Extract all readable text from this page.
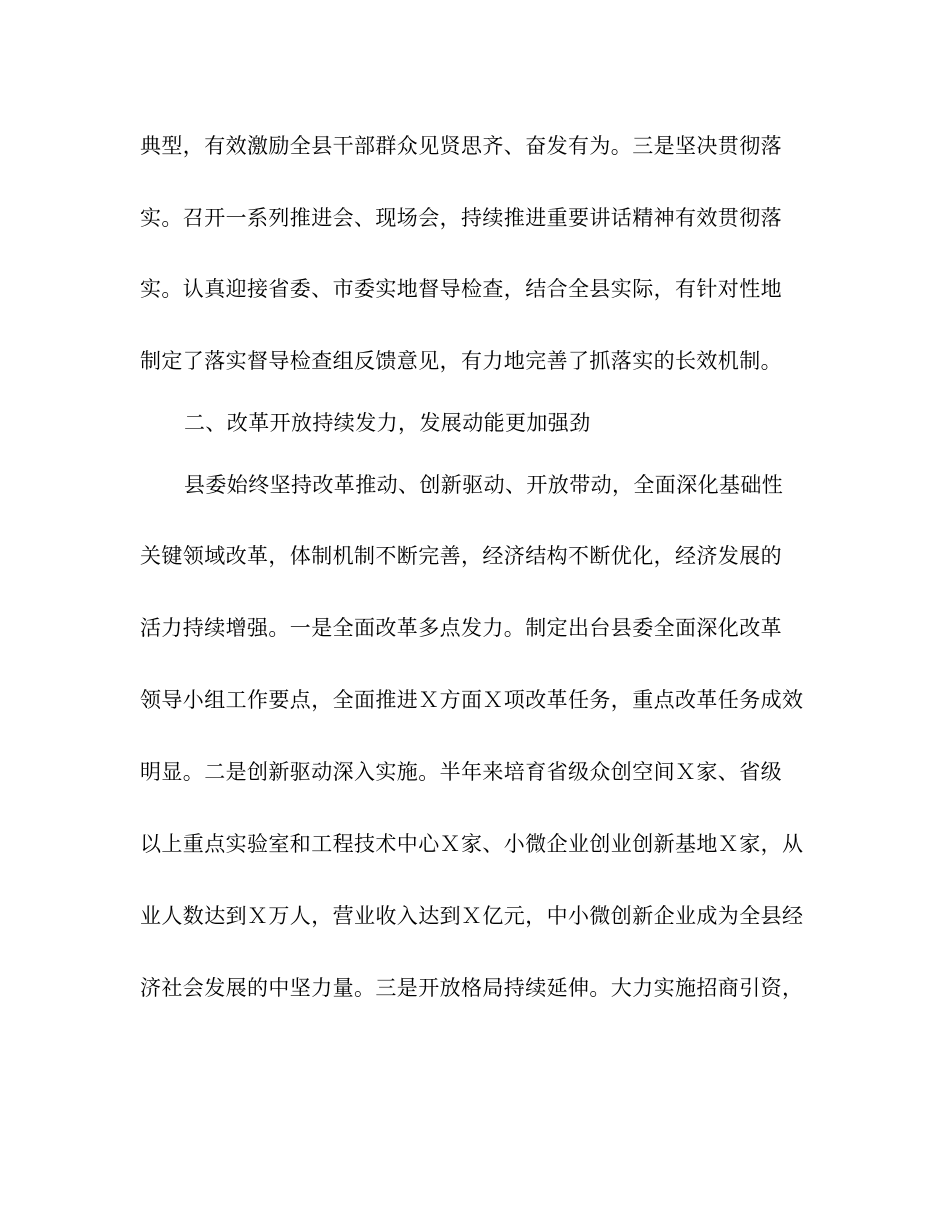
典型，有效激励全县干部群众见贤思齐、奋发有为。三是坚决贯彻落
实。召开一系列推进会、现场会，持续推进重要讲话精神有效贯彻落
实。认真迎接省委、市委实地督导检查，结合全县实际，有针对性地
制定了落实督导检查组反馈意见，有力地完善了抓落实的长效机制。
二、改革开放持续发力，发展动能更加强劲
县委始终坚持改革推动、创新驱动、开放带动，全面深化基础性
关键领域改革，体制机制不断完善，经济结构不断优化，经济发展的
活力持续增强。一是全面改革多点发力。制定出台县委全面深化改革
领导小组工作要点，全面推进Ｘ方面Ｘ项改革任务，重点改革任务成效
明显。二是创新驱动深入实施。半年来培育省级众创空间Ｘ家、省级
以上重点实验室和工程技术中心Ｘ家、小微企业创业创新基地Ｘ家，从
业人数达到Ｘ万人，营业收入达到Ｘ亿元，中小微创新企业成为全县经
济社会发展的中坚力量。三是开放格局持续延伸。大力实施招商引资，
